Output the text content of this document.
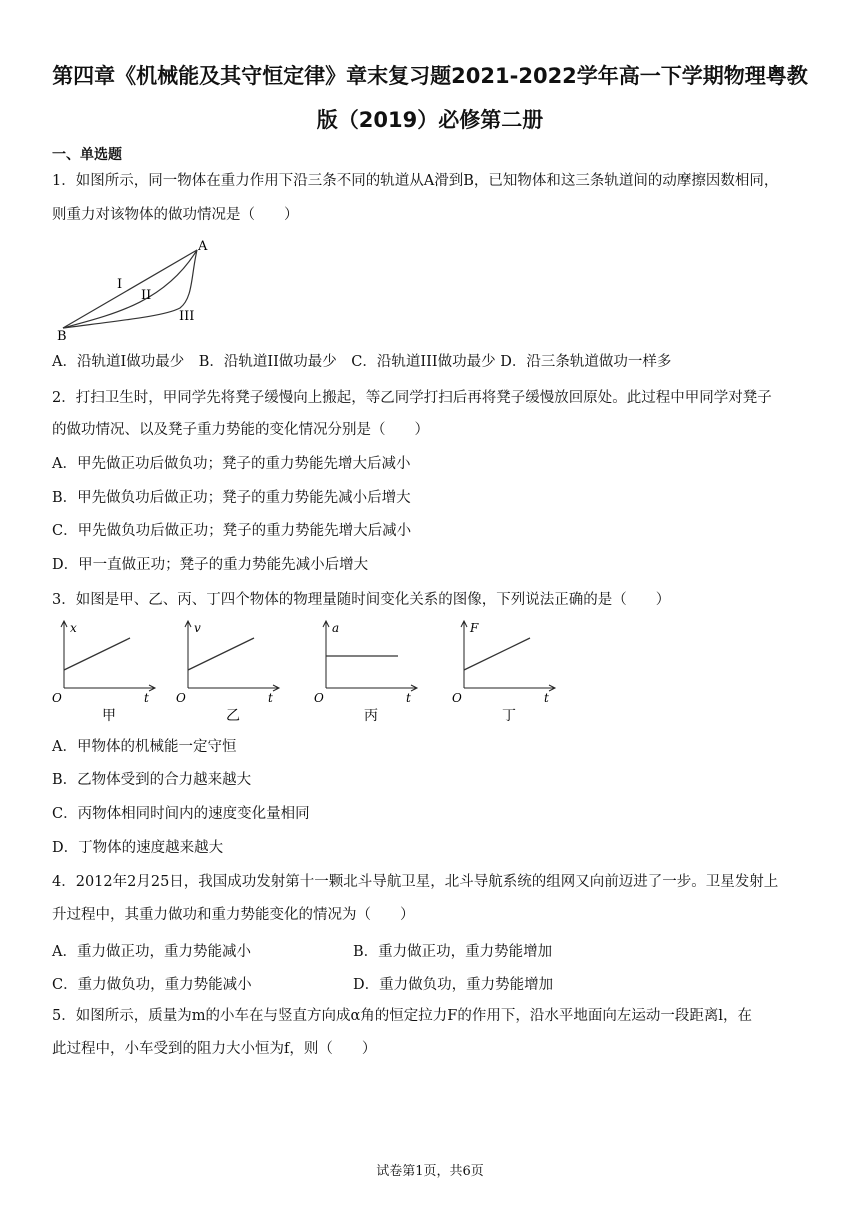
第四章《机械能及其守恒定律》章末复习题2021-2022学年高一下学期物理粤教
版（2019）必修第二册
一、单选题
1．如图所示，同一物体在重力作用下沿三条不同的轨道从A滑到B，已知物体和这三条轨道间的动摩擦因数相同，
则重力对该物体的做功情况是（　　）
A
B
I
II
III
A．沿轨道I做功最少　B．沿轨道II做功最少　C．沿轨道III做功最少 D．沿三条轨道做功一样多
2．打扫卫生时，甲同学先将凳子缓慢向上搬起，等乙同学打扫后再将凳子缓慢放回原处。此过程中甲同学对凳子
的做功情况、以及凳子重力势能的变化情况分别是（　　）
A．甲先做正功后做负功；凳子的重力势能先增大后减小
B．甲先做负功后做正功；凳子的重力势能先减小后增大
C．甲先做负功后做正功；凳子的重力势能先增大后减小
D．甲一直做正功；凳子的重力势能先减小后增大
3．如图是甲、乙、丙、丁四个物体的物理量随时间变化关系的图像，下列说法正确的是（　　）
x
t
O
甲
v
t
O
乙
a
t
O
丙
F
t
O
丁
A．甲物体的机械能一定守恒
B．乙物体受到的合力越来越大
C．丙物体相同时间内的速度变化量相同
D．丁物体的速度越来越大
4．2012年2月25日，我国成功发射第十一颗北斗导航卫星，北斗导航系统的组网又向前迈进了一步。卫星发射上
升过程中，其重力做功和重力势能变化的情况为（　　）
A．重力做正功，重力势能减小	B．重力做正功，重力势能增加
C．重力做负功，重力势能减小	D．重力做负功，重力势能增加
5．如图所示，质量为m的小车在与竖直方向成α角的恒定拉力F的作用下，沿水平地面向左运动一段距离l，在
此过程中，小车受到的阻力大小恒为f，则（　　）
试卷第1页，共6页
